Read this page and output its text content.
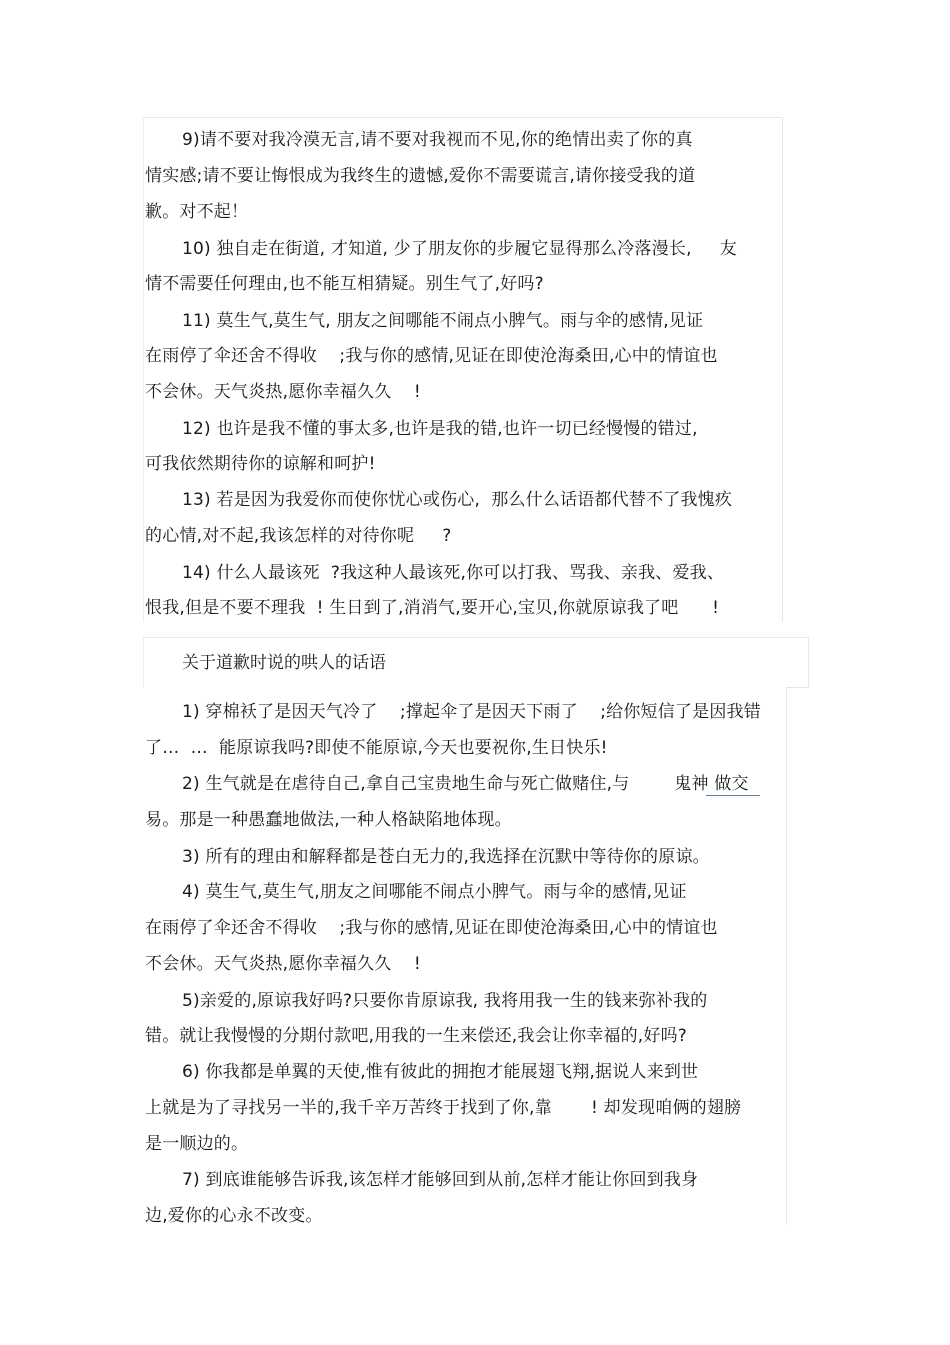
9)请不要对我冷漠无言,请不要对我视而不见,你的绝情出卖了你的真
情实感;请不要让悔恨成为我终生的遗憾,爱你不需要谎言,请你接受我的道
歉。对不起！
10) 独自走在街道, 才知道, 少了朋友你的步履它显得那么冷落漫长,     友
情不需要任何理由,也不能互相猜疑。别生气了,好吗?
11) 莫生气,莫生气, 朋友之间哪能不闹点小脾气。雨与伞的感情,见证
在雨停了伞还舍不得收    ;我与你的感情,见证在即使沧海桑田,心中的情谊也
不会休。天气炎热,愿你幸福久久    !
12) 也许是我不懂的事太多,也许是我的错,也许一切已经慢慢的错过,
可我依然期待你的谅解和呵护!
13) 若是因为我爱你而使你忧心或伤心,  那么什么话语都代替不了我愧疚
的心情,对不起,我该怎样的对待你呢     ?
14) 什么人最该死  ?我这种人最该死,你可以打我、骂我、亲我、爱我、
恨我,但是不要不理我  ! 生日到了,消消气,要开心,宝贝,你就原谅我了吧      !
关于道歉时说的哄人的话语
1) 穿棉袄了是因天气冷了    ;撑起伞了是因天下雨了    ;给你短信了是因我错
了…  …  能原谅我吗?即使不能原谅,今天也要祝你,生日快乐!
2) 生气就是在虐待自己,拿自己宝贵地生命与死亡做赌住,与        鬼神 做交
易。那是一种愚蠢地做法,一种人格缺陷地体现。
3) 所有的理由和解释都是苍白无力的,我选择在沉默中等待你的原谅。
4) 莫生气,莫生气,朋友之间哪能不闹点小脾气。雨与伞的感情,见证
在雨停了伞还舍不得收    ;我与你的感情,见证在即使沧海桑田,心中的情谊也
不会休。天气炎热,愿你幸福久久    !
5)亲爱的,原谅我好吗?只要你肯原谅我, 我将用我一生的钱来弥补我的
错。就让我慢慢的分期付款吧,用我的一生来偿还,我会让你幸福的,好吗?
6) 你我都是单翼的天使,惟有彼此的拥抱才能展翅飞翔,据说人来到世
上就是为了寻找另一半的,我千辛万苦终于找到了你,靠       ! 却发现咱俩的翅膀
是一顺边的。
7) 到底谁能够告诉我,该怎样才能够回到从前,怎样才能让你回到我身
边,爱你的心永不改变。
